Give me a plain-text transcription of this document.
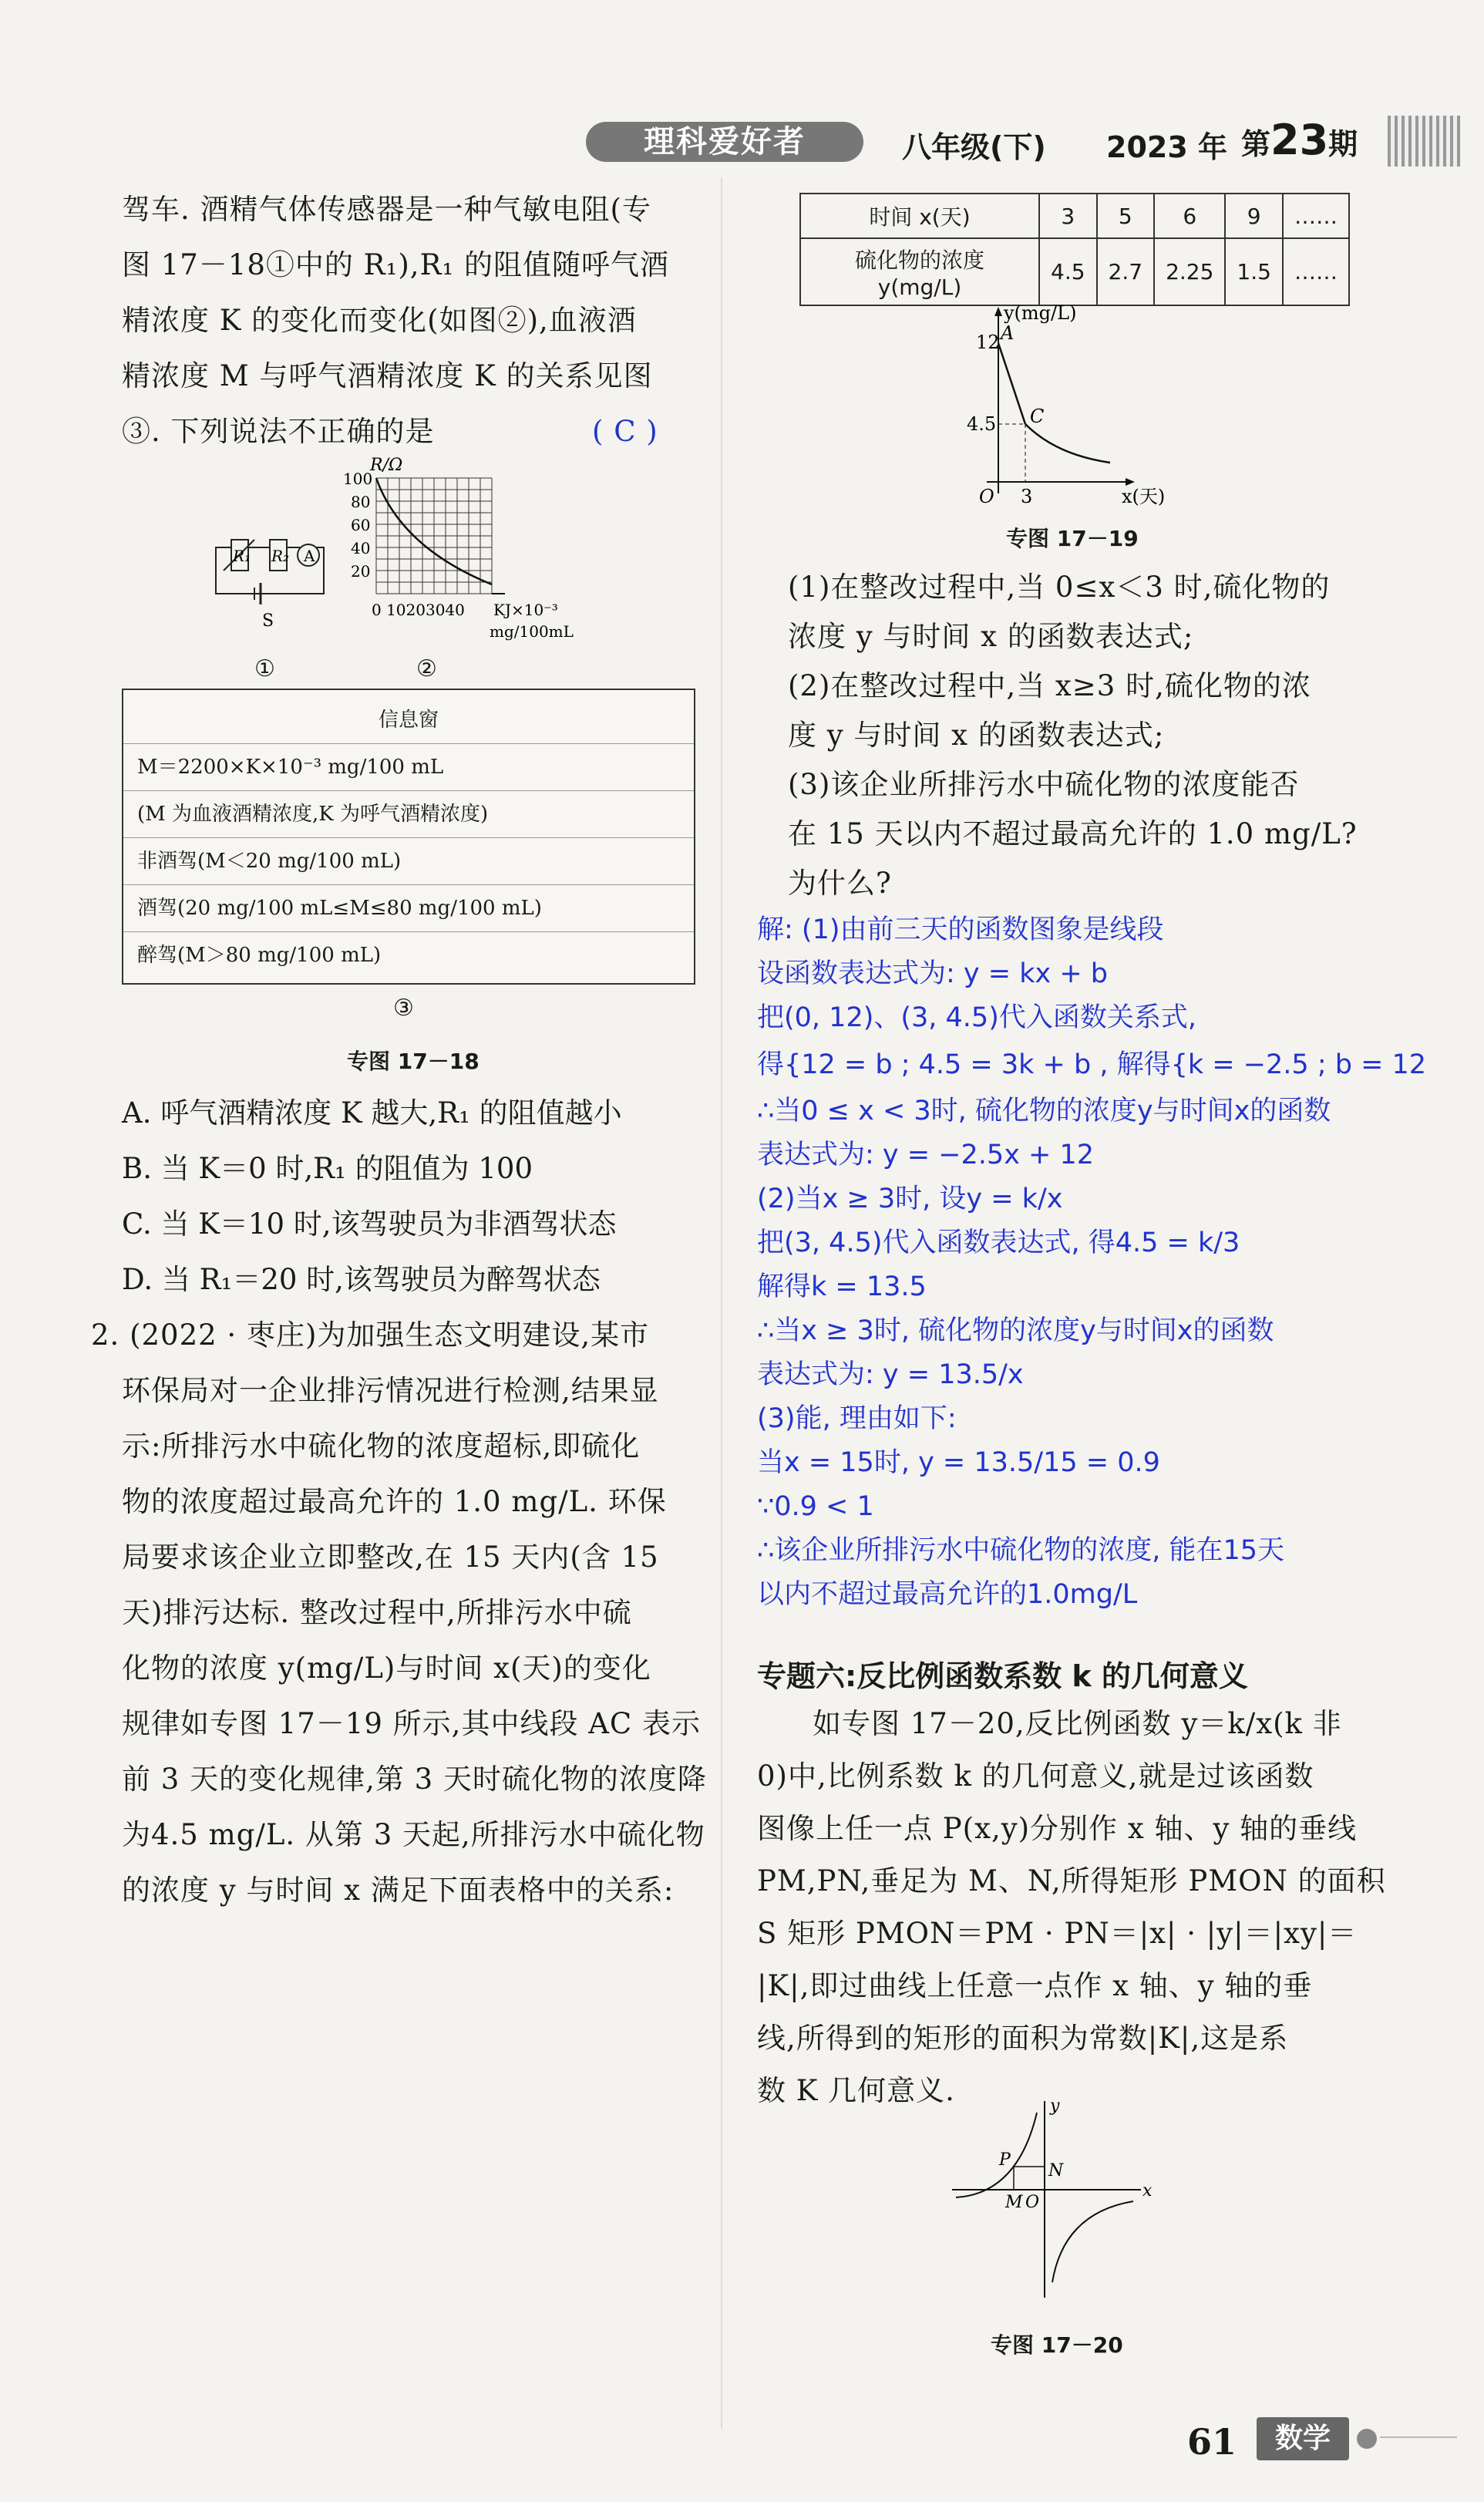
理科爱好者	八年级(下) 2023 年 第23期
驾车. 酒精气体传感器是一种气敏电阻(专
图 17－18①中的 R₁),R₁ 的阻值随呼气酒
精浓度 K 的变化而变化(如图②),血液酒
精浓度 M 与呼气酒精浓度 K 的关系见图
③. 下列说法不正确的是	( C )
A
R₁ R₂
S
R/Ω
100
80
60
40
20
0 10203040 KJ×10⁻³
mg/100mL
①	②
信息窗
M＝2200×K×10⁻³ mg/100 mL
(M 为血液酒精浓度,K 为呼气酒精浓度)
非酒驾(M＜20 mg/100 mL)
酒驾(20 mg/100 mL≤M≤80 mg/100 mL)
醉驾(M＞80 mg/100 mL)
③
专图 17－18
A. 呼气酒精浓度 K 越大,R₁ 的阻值越小
B. 当 K＝0 时,R₁ 的阻值为 100
C. 当 K＝10 时,该驾驶员为非酒驾状态
D. 当 R₁＝20 时,该驾驶员为醉驾状态
2. (2022 · 枣庄)为加强生态文明建设,某市
环保局对一企业排污情况进行检测,结果显
示:所排污水中硫化物的浓度超标,即硫化
物的浓度超过最高允许的 1.0 mg/L. 环保
局要求该企业立即整改,在 15 天内(含 15
天)排污达标. 整改过程中,所排污水中硫
化物的浓度 y(mg/L)与时间 x(天)的变化
规律如专图 17－19 所示,其中线段 AC 表示
前 3 天的变化规律,第 3 天时硫化物的浓度降
为4.5 mg/L. 从第 3 天起,所排污水中硫化物
的浓度 y 与时间 x 满足下面表格中的关系:
时间 x(天)	3	5	6	9	……
硫化物的浓度 y(mg/L)	4.5	2.7	2.25	1.5	……
y(mg/L)
12 A
4.5 C
O 3	x(天)
专图 17－19
(1)在整改过程中,当 0≤x＜3 时,硫化物的
浓度 y 与时间 x 的函数表达式;
(2)在整改过程中,当 x≥3 时,硫化物的浓
度 y 与时间 x 的函数表达式;
(3)该企业所排污水中硫化物的浓度能否
在 15 天以内不超过最高允许的 1.0 mg/L?
为什么?
解: (1)由前三天的函数图象是线段
设函数表达式为: y = kx + b
把(0, 12)、(3, 4.5)代入函数关系式,
得{12 = b ; 4.5 = 3k + b , 解得{k = −2.5 ; b = 12
∴当0 ≤ x < 3时, 硫化物的浓度y与时间x的函数
表达式为: y = −2.5x + 12
(2)当x ≥ 3时, 设y = k/x
把(3, 4.5)代入函数表达式, 得4.5 = k/3
解得k = 13.5
∴当x ≥ 3时, 硫化物的浓度y与时间x的函数
表达式为: y = 13.5/x
(3)能, 理由如下:
当x = 15时, y = 13.5/15 = 0.9
∵0.9 < 1
∴该企业所排污水中硫化物的浓度, 能在15天
以内不超过最高允许的1.0mg/L
专题六:反比例函数系数 k 的几何意义
如专图 17－20,反比例函数 y＝k/x(k 非
0)中,比例系数 k 的几何意义,就是过该函数
图像上任一点 P(x,y)分别作 x 轴、y 轴的垂线
PM,PN,垂足为 M、N,所得矩形 PMON 的面积
S 矩形 PMON＝PM · PN＝|x| · |y|＝|xy|＝
|K|,即过曲线上任意一点作 x 轴、y 轴的垂
线,所得到的矩形的面积为常数|K|,这是系
数 K 几何意义.	y
x
P
N
M O
专图 17－20
61	数学
